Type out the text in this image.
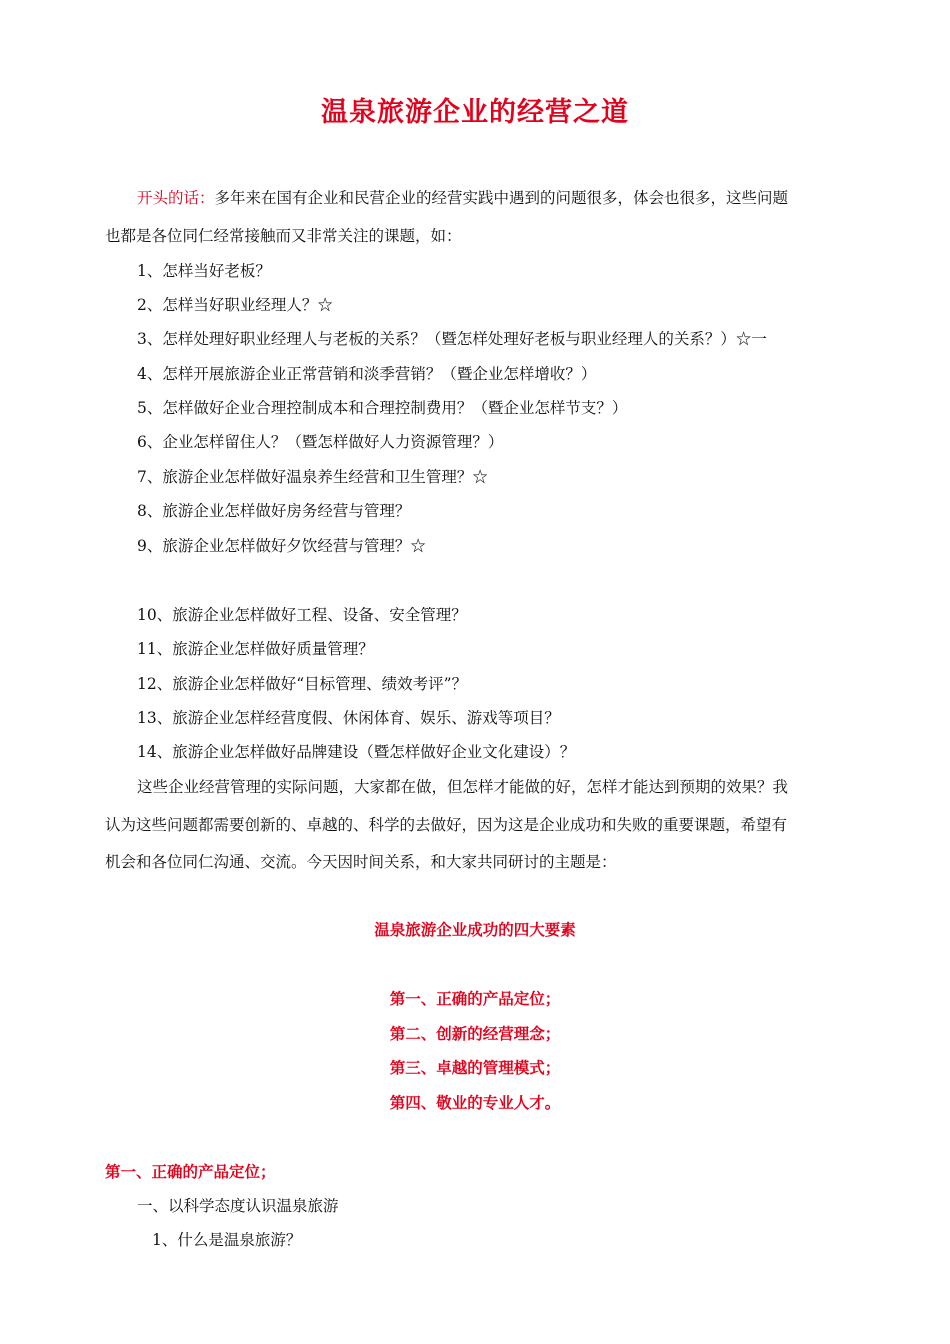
温泉旅游企业的经营之道
开头的话：多年来在国有企业和民营企业的经营实践中遇到的问题很多，体会也很多，这些问题
也都是各位同仁经常接触而又非常关注的课题，如：
1、怎样当好老板？
2、怎样当好职业经理人？☆
3、怎样处理好职业经理人与老板的关系？（暨怎样处理好老板与职业经理人的关系？）☆一
4、怎样开展旅游企业正常营销和淡季营销？（暨企业怎样增收？）
5、怎样做好企业合理控制成本和合理控制费用？（暨企业怎样节支？）
6、企业怎样留住人？（暨怎样做好人力资源管理？）
7、旅游企业怎样做好温泉养生经营和卫生管理？☆
8、旅游企业怎样做好房务经营与管理？
9、旅游企业怎样做好夕饮经营与管理？☆
10、旅游企业怎样做好工程、设备、安全管理？
11、旅游企业怎样做好质量管理？
12、旅游企业怎样做好“目标管理、绩效考评”？
13、旅游企业怎样经营度假、休闲体育、娱乐、游戏等项目？
14、旅游企业怎样做好品牌建设（暨怎样做好企业文化建设）？
这些企业经营管理的实际问题，大家都在做，但怎样才能做的好，怎样才能达到预期的效果？我
认为这些问题都需要创新的、卓越的、科学的去做好，因为这是企业成功和失败的重要课题，希望有
机会和各位同仁沟通、交流。今天因时间关系，和大家共同研讨的主题是：
温泉旅游企业成功的四大要素
第一、正确的产品定位；
第二、创新的经营理念；
第三、卓越的管理模式；
第四、敬业的专业人才。
第一、正确的产品定位；
一、以科学态度认识温泉旅游
1、什么是温泉旅游？
